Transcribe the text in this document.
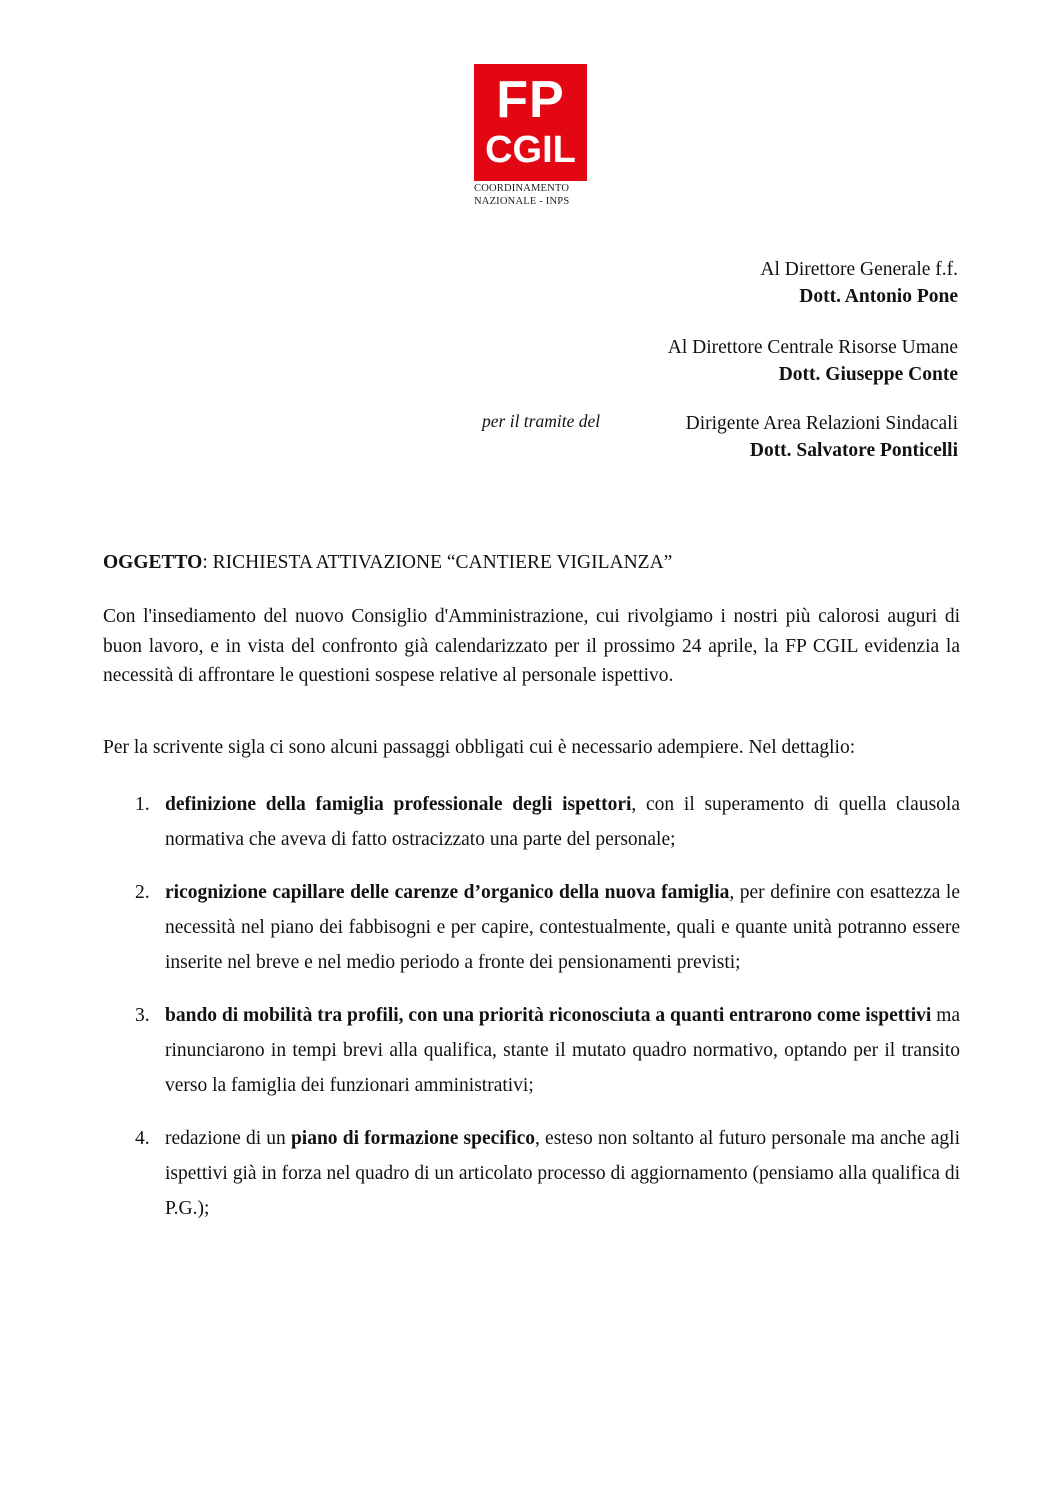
FP
CGIL
COORDINAMENTO
NAZIONALE - INPS
Al Direttore Generale f.f.
Dott. Antonio Pone
Al Direttore Centrale Risorse Umane
Dott. Giuseppe Conte
per il tramite del	Dirigente Area Relazioni Sindacali
Dott. Salvatore Ponticelli
OGGETTO: RICHIESTA ATTIVAZIONE “CANTIERE VIGILANZA”

Con l'insediamento del nuovo Consiglio d'Amministrazione, cui rivolgiamo i nostri più calorosi auguri di buon lavoro, e in vista del confronto già calendarizzato per il prossimo 24 aprile, la FP CGIL evidenzia la necessità di affrontare le questioni sospese relative al personale ispettivo.

Per la scrivente sigla ci sono alcuni passaggi obbligati cui è necessario adempiere. Nel dettaglio:

1. definizione della famiglia professionale degli ispettori, con il superamento di quella clausola normativa che aveva di fatto ostracizzato una parte del personale;
2. ricognizione capillare delle carenze d’organico della nuova famiglia, per definire con esattezza le necessità nel piano dei fabbisogni e per capire, contestualmente, quali e quante unità potranno essere inserite nel breve e nel medio periodo a fronte dei pensionamenti previsti;
3. bando di mobilità tra profili, con una priorità riconosciuta a quanti entrarono come ispettivi ma rinunciarono in tempi brevi alla qualifica, stante il mutato quadro normativo, optando per il transito verso la famiglia dei funzionari amministrativi;
4. redazione di un piano di formazione specifico, esteso non soltanto al futuro personale ma anche agli ispettivi già in forza nel quadro di un articolato processo di aggiornamento (pensiamo alla qualifica di P.G.);
